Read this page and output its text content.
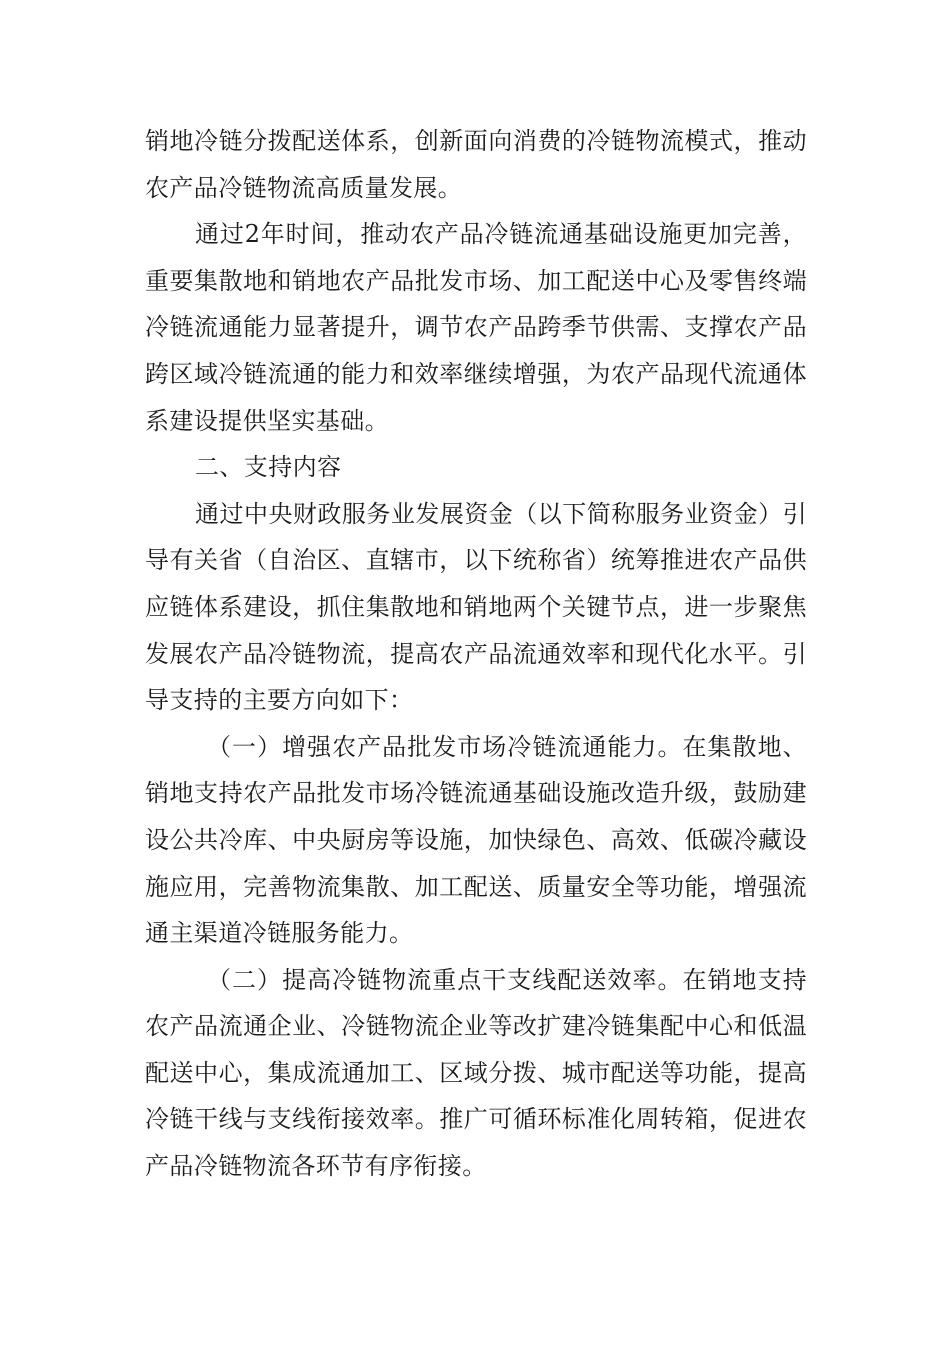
销地冷链分拨配送体系，创新面向消费的冷链物流模式，推动农产品冷链物流高质量发展。

通过2年时间，推动农产品冷链流通基础设施更加完善，重要集散地和销地农产品批发市场、加工配送中心及零售终端冷链流通能力显著提升，调节农产品跨季节供需、支撑农产品跨区域冷链流通的能力和效率继续增强，为农产品现代流通体系建设提供坚实基础。

二、支持内容

通过中央财政服务业发展资金（以下简称服务业资金）引导有关省（自治区、直辖市，以下统称省）统筹推进农产品供应链体系建设，抓住集散地和销地两个关键节点，进一步聚焦发展农产品冷链物流，提高农产品流通效率和现代化水平。引导支持的主要方向如下：

（一）增强农产品批发市场冷链流通能力。在集散地、销地支持农产品批发市场冷链流通基础设施改造升级，鼓励建设公共冷库、中央厨房等设施，加快绿色、高效、低碳冷藏设施应用，完善物流集散、加工配送、质量安全等功能，增强流通主渠道冷链服务能力。

（二）提高冷链物流重点干支线配送效率。在销地支持农产品流通企业、冷链物流企业等改扩建冷链集配中心和低温配送中心，集成流通加工、区域分拨、城市配送等功能，提高冷链干线与支线衔接效率。推广可循环标准化周转箱，促进农产品冷链物流各环节有序衔接。
